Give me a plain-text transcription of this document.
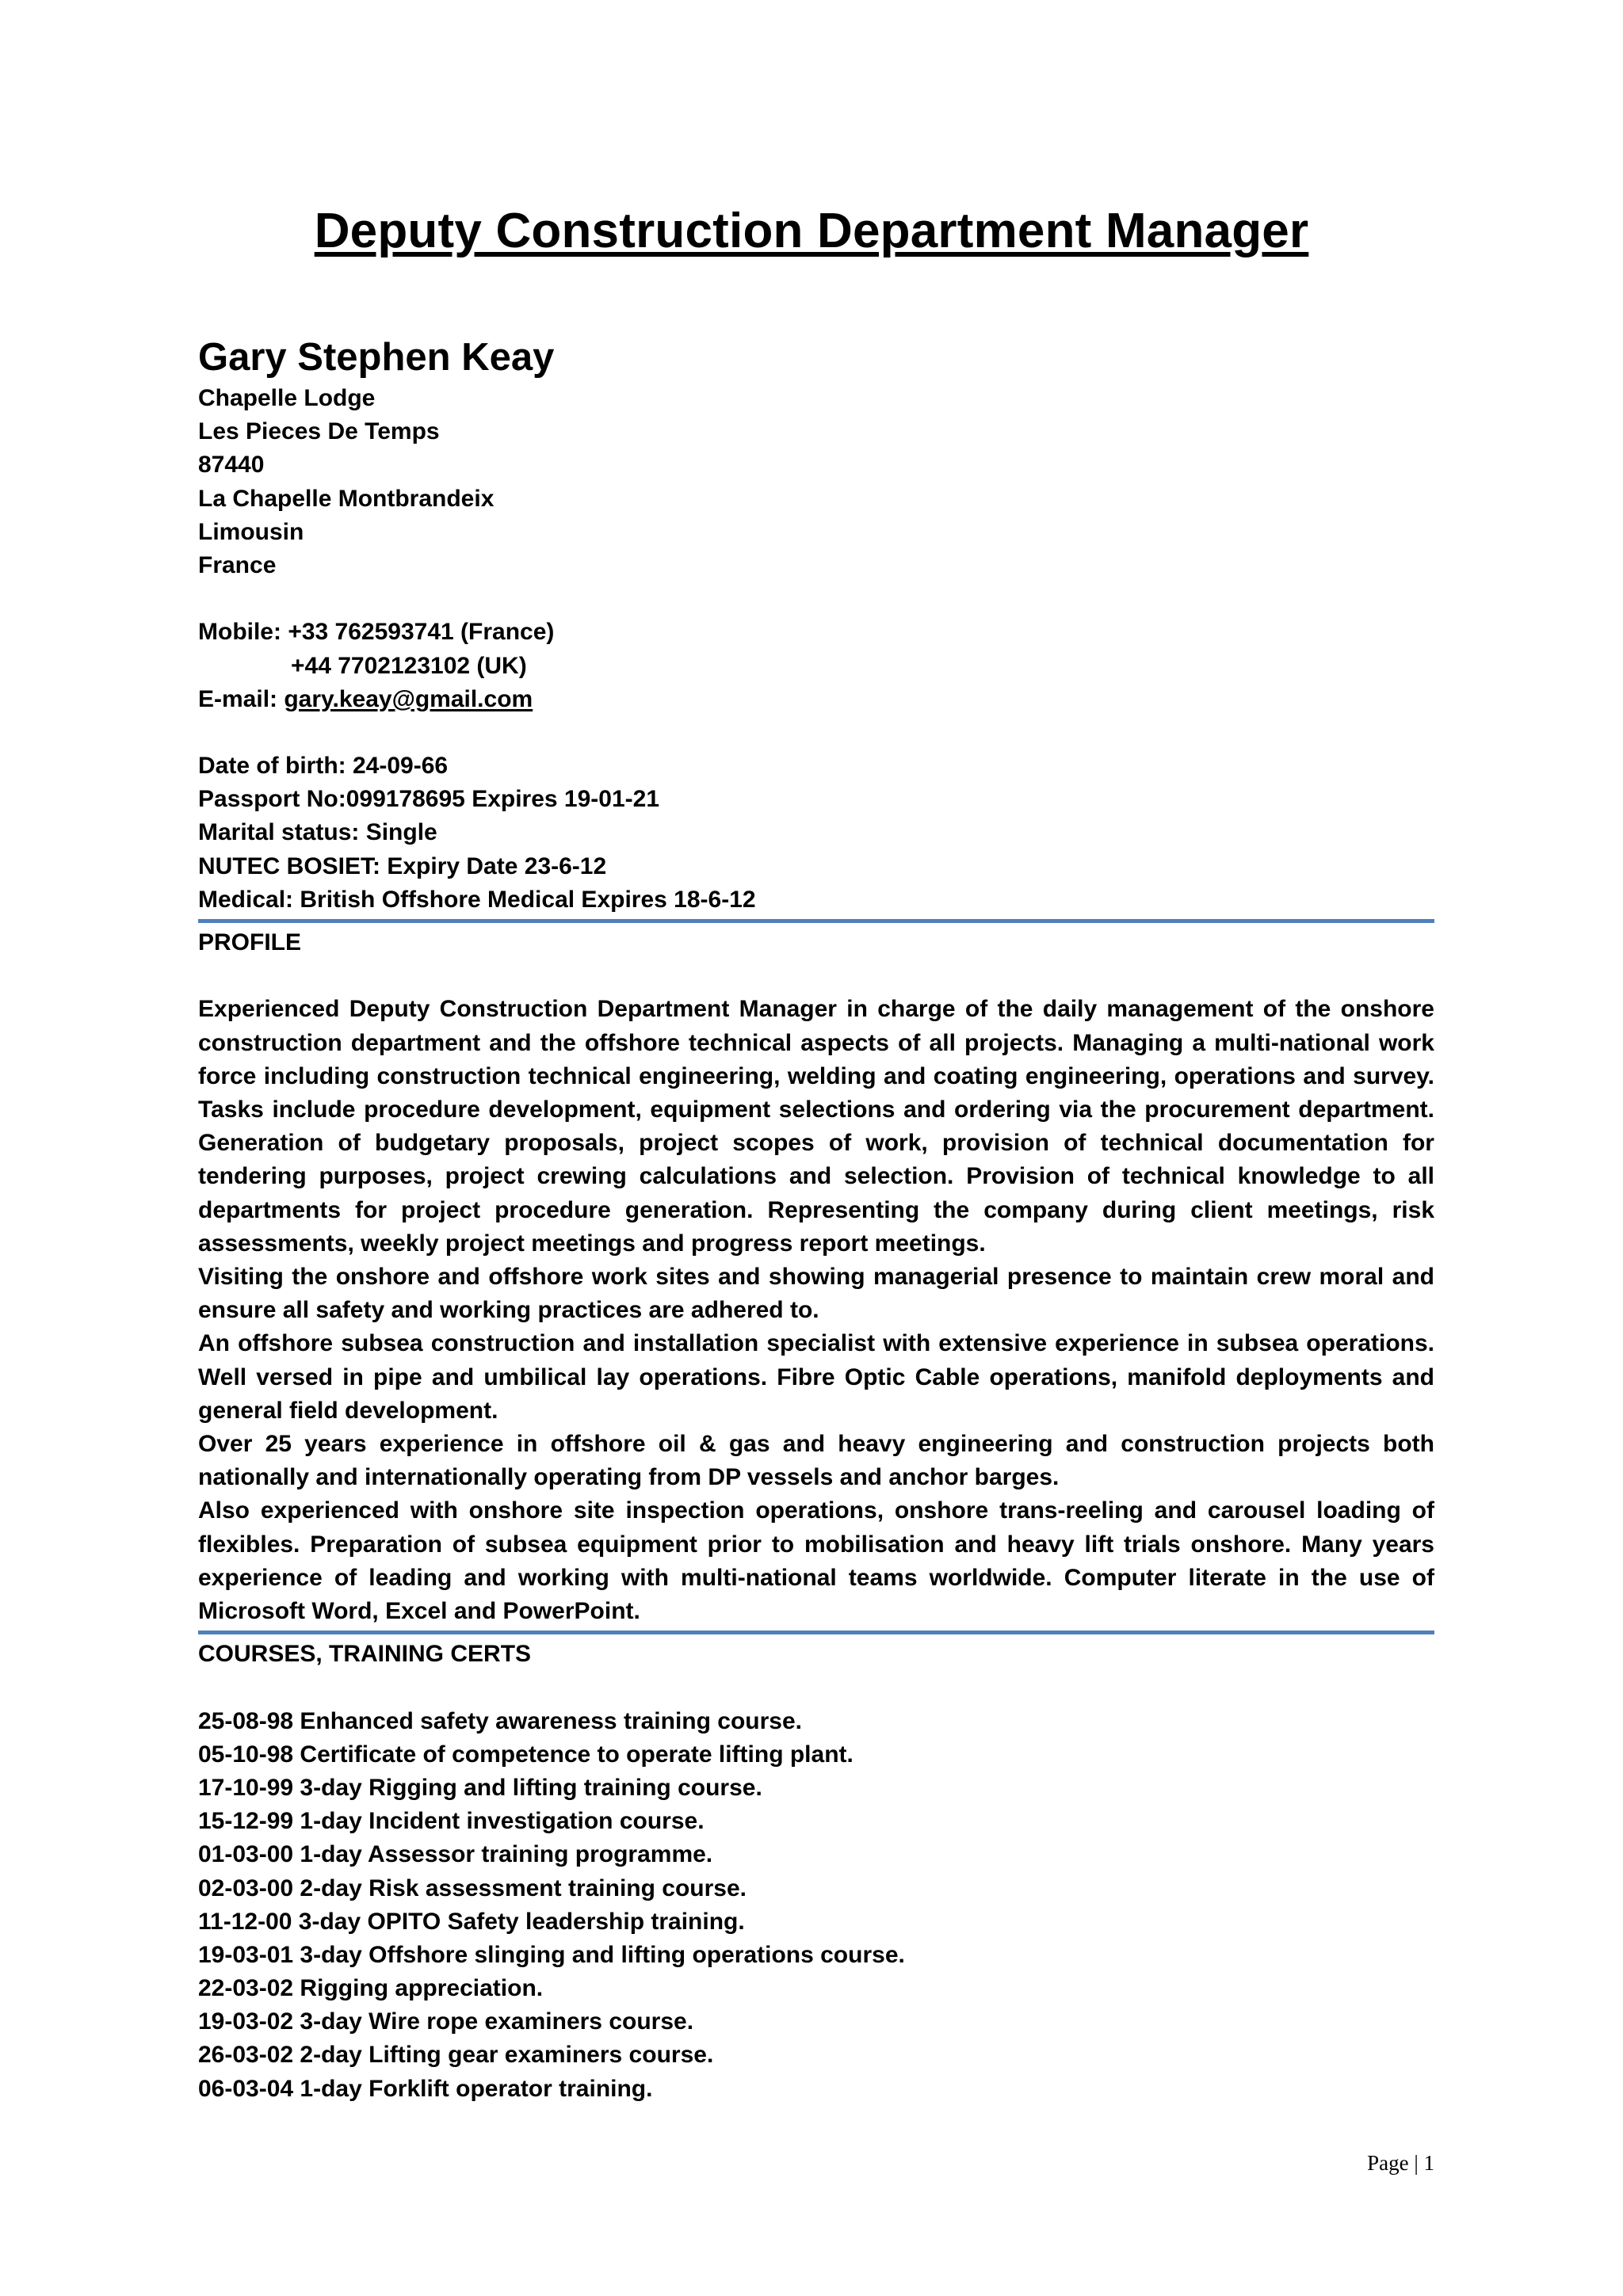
Deputy Construction Department Manager
Gary Stephen Keay
Chapelle Lodge
Les Pieces De Temps
87440
La Chapelle Montbrandeix
Limousin
France
Mobile: +33 762593741 (France)
+44 7702123102 (UK)
E-mail: gary.keay@gmail.com
Date of birth: 24-09-66
Passport No:099178695 Expires 19-01-21
Marital status: Single
NUTEC BOSIET: Expiry Date 23-6-12
Medical: British Offshore Medical Expires 18-6-12
PROFILE

Experienced Deputy Construction Department Manager in charge of the daily management of the onshore construction department and the offshore technical aspects of all projects. Managing a multi-national work force including construction technical engineering, welding and coating engineering, operations and survey. Tasks include procedure development, equipment selections and ordering via the procurement department. Generation of budgetary proposals, project scopes of work, provision of technical documentation for tendering purposes, project crewing calculations and selection. Provision of technical knowledge to all departments for project procedure generation. Representing the company during client meetings, risk assessments, weekly project meetings and progress report meetings.

Visiting the onshore and offshore work sites and showing managerial presence to maintain crew moral and ensure all safety and working practices are adhered to.

An offshore subsea construction and installation specialist with extensive experience in subsea operations. Well versed in pipe and umbilical lay operations. Fibre Optic Cable operations, manifold deployments and general field development.

Over 25 years experience in offshore oil & gas and heavy engineering and construction projects both nationally and internationally operating from DP vessels and anchor barges.

Also experienced with onshore site inspection operations, onshore trans-reeling and carousel loading of flexibles. Preparation of subsea equipment prior to mobilisation and heavy lift trials onshore. Many years experience of leading and working with multi-national teams worldwide. Computer literate in the use of Microsoft Word, Excel and PowerPoint.

COURSES, TRAINING CERTS
25-08-98 Enhanced safety awareness training course.
05-10-98 Certificate of competence to operate lifting plant.
17-10-99 3-day Rigging and lifting training course.
15-12-99 1-day Incident investigation course.
01-03-00 1-day Assessor training programme.
02-03-00 2-day Risk assessment training course.
11-12-00 3-day OPITO Safety leadership training.
19-03-01 3-day Offshore slinging and lifting operations course.
22-03-02 Rigging appreciation.
19-03-02 3-day Wire rope examiners course.
26-03-02 2-day Lifting gear examiners course.
06-03-04 1-day Forklift operator training.
Page | 1
